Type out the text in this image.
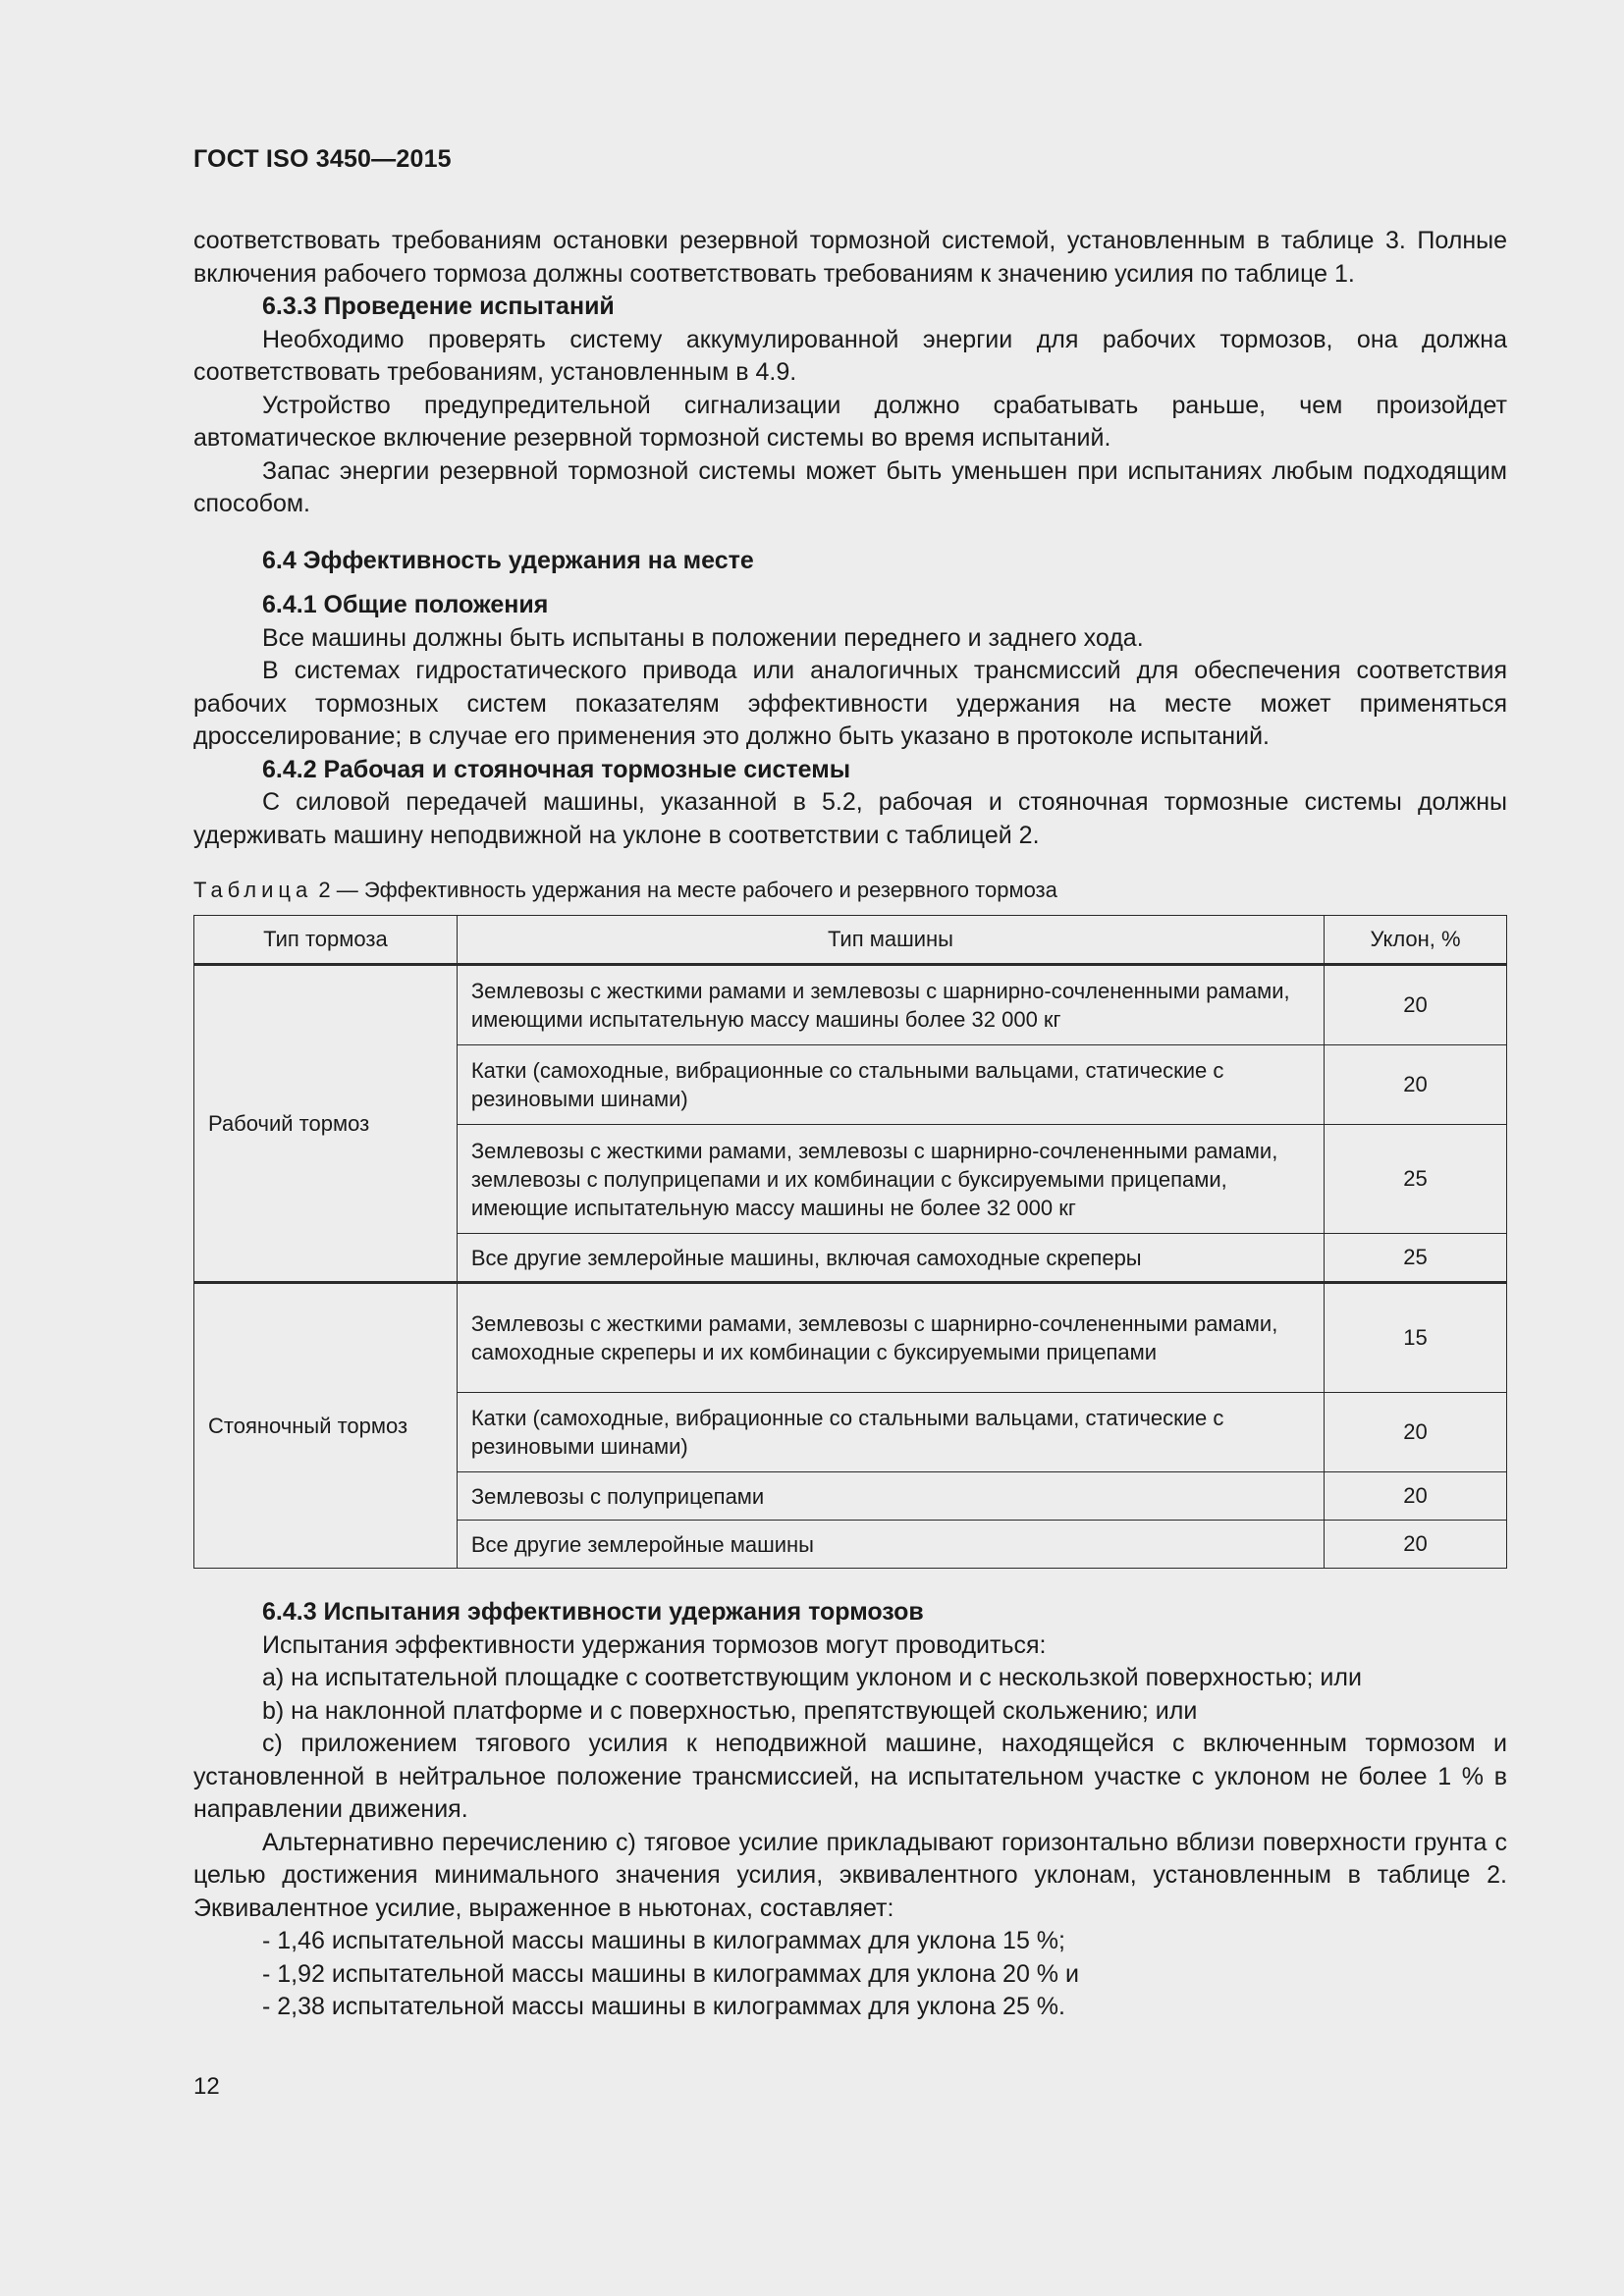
ГОСТ ISO 3450—2015

соответствовать требованиям остановки резервной тормозной системой, установленным в таблице 3. Полные включения рабочего тормоза должны соответствовать требованиям к значению усилия по таблице 1.

6.3.3 Проведение испытаний

Необходимо проверять систему аккумулированной энергии для рабочих тормозов, она должна соответствовать требованиям, установленным в 4.9.

Устройство предупредительной сигнализации должно срабатывать раньше, чем произойдет автоматическое включение резервной тормозной системы во время испытаний.

Запас энергии резервной тормозной системы может быть уменьшен при испытаниях любым подходящим способом.

6.4 Эффективность удержания на месте
6.4.1 Общие положения

Все машины должны быть испытаны в положении переднего и заднего хода.

В системах гидростатического привода или аналогичных трансмиссий для обеспечения соответствия рабочих тормозных систем показателям эффективности удержания на месте может применяться дросселирование; в случае его применения это должно быть указано в протоколе испытаний.

6.4.2 Рабочая и стояночная тормозные системы

С силовой передачей машины, указанной в 5.2, рабочая и стояночная тормозные системы должны удерживать машину неподвижной на уклоне в соответствии с таблицей 2.

Таблица 2 — Эффективность удержания на месте рабочего и резервного тормоза
Тип тормоза	Тип машины	Уклон, %
Рабочий тормоз	Землевозы с жесткими рамами и землевозы с шарнирно-сочлененными рамами, имеющими испытательную массу машины более 32 000 кг	20
	Катки (самоходные, вибрационные со стальными вальцами, статические с резиновыми шинами)	20
	Землевозы с жесткими рамами, землевозы с шарнирно-сочлененными рамами, землевозы с полуприцепами и их комбинации с буксируемыми прицепами, имеющие испытательную массу машины не более 32 000 кг	25
	Все другие землеройные машины, включая самоходные скреперы	25
Стояночный тормоз	Землевозы с жесткими рамами, землевозы с шарнирно-сочлененными рамами, самоходные скреперы и их комбинации с буксируемыми прицепами	15
	Катки (самоходные, вибрационные со стальными вальцами, статические с резиновыми шинами)	20
	Землевозы с полуприцепами	20
	Все другие землеройные машины	20
6.4.3 Испытания эффективности удержания тормозов

Испытания эффективности удержания тормозов могут проводиться:

a) на испытательной площадке с соответствующим уклоном и с нескользкой поверхностью; или

b) на наклонной платформе и с поверхностью, препятствующей скольжению; или

c) приложением тягового усилия к неподвижной машине, находящейся с включенным тормозом и установленной в нейтральное положение трансмиссией, на испытательном участке с уклоном не более 1 % в направлении движения.

Альтернативно перечислению c) тяговое усилие прикладывают горизонтально вблизи поверхности грунта с целью достижения минимального значения усилия, эквивалентного уклонам, установленным в таблице 2. Эквивалентное усилие, выраженное в ньютонах, составляет:

- 1,46 испытательной массы машины в килограммах для уклона 15 %;

- 1,92 испытательной массы машины в килограммах для уклона 20 % и

- 2,38 испытательной массы машины в килограммах для уклона 25 %.

12
